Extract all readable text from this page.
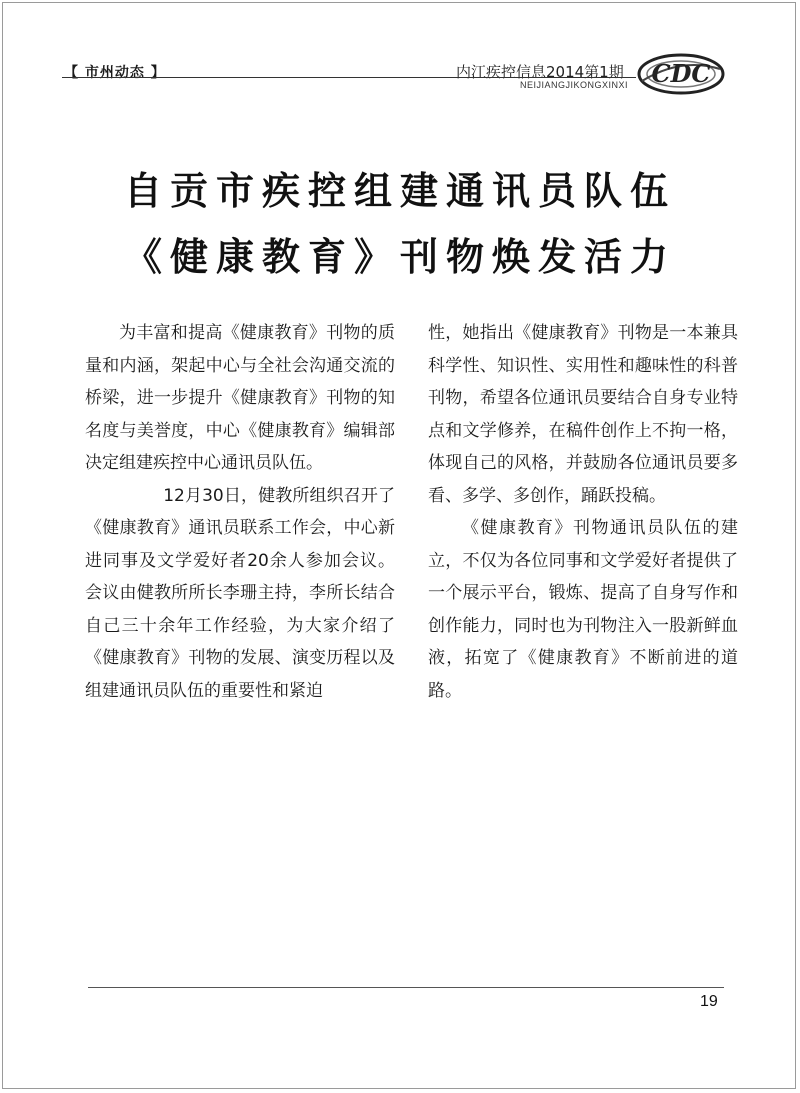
【 市州动态 】	内江疾控信息2014第1期
NEIJIANGJIKONGXINXI CDC
自贡市疾控组建通讯员队伍
《健康教育》刊物焕发活力

为丰富和提高《健康教育》刊物的质量和内涵，架起中心与全社会沟通交流的桥梁，进一步提升《健康教育》刊物的知名度与美誉度，中心《健康教育》编辑部决定组建疾控中心通讯员队伍。

12月30日，健教所组织召开了《健康教育》通讯员联系工作会，中心新进同事及文学爱好者20余人参加会议。会议由健教所所长李珊主持，李所长结合自己三十余年工作经验，为大家介绍了《健康教育》刊物的发展、演变历程以及组建通讯员队伍的重要性和紧迫

性，她指出《健康教育》刊物是一本兼具科学性、知识性、实用性和趣味性的科普刊物，希望各位通讯员要结合自身专业特点和文学修养，在稿件创作上不拘一格，体现自己的风格，并鼓励各位通讯员要多看、多学、多创作，踊跃投稿。

《健康教育》刊物通讯员队伍的建立，不仅为各位同事和文学爱好者提供了一个展示平台，锻炼、提高了自身写作和创作能力，同时也为刊物注入一股新鲜血液，拓宽了《健康教育》不断前进的道路。

19
